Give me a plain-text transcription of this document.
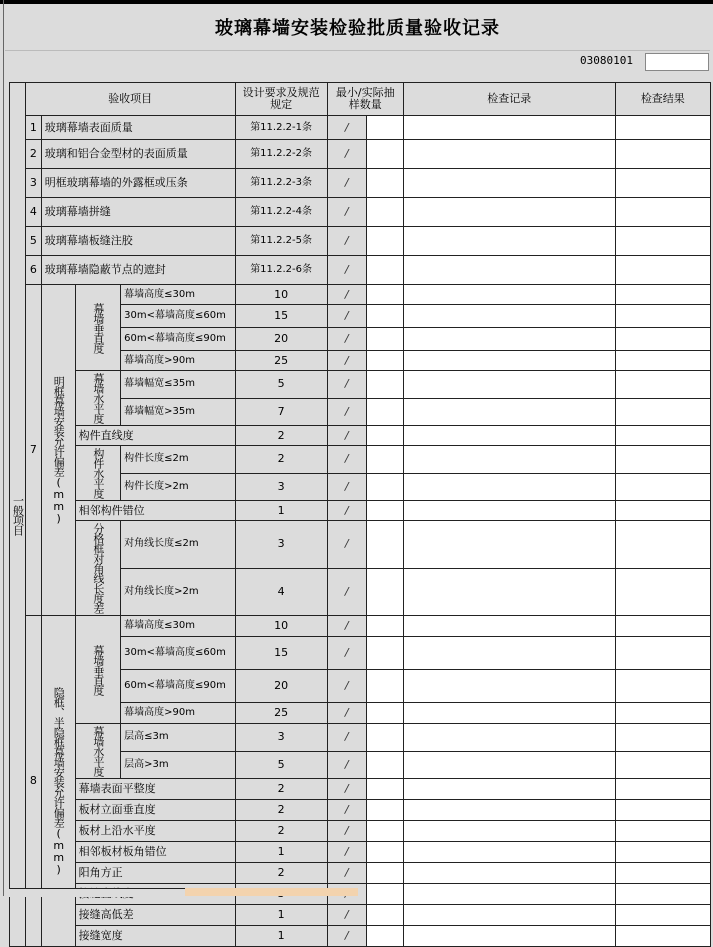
玻璃幕墙安装检验批质量验收记录
03080101
一般项目	验收项目				设计要求及规范规定	最小/实际抽样数量		检查记录	检查结果
	1	玻璃幕墙表面质量			第11.2.2-1条	/			
	2	玻璃和铝合金型材的表面质量			第11.2.2-2条	/			
	3	明框玻璃幕墙的外露框或压条			第11.2.2-3条	/			
	4	玻璃幕墙拼缝			第11.2.2-4条	/			
	5	玻璃幕墙板缝注胶			第11.2.2-5条	/			
	6	玻璃幕墙隐蔽节点的遮封			第11.2.2-6条	/			
	7	明框幕墙安装允许偏差(mm)	幕墙垂直度	幕墙高度≤30m	10	/			
				30m<幕墙高度≤60m	15	/			
				60m<幕墙高度≤90m	20	/			
				幕墙高度>90m	25	/			
			幕墙水平度	幕墙幅宽≤35m	5	/			
				幕墙幅宽>35m	7	/			
			构件直线度		2	/			
			构件水平度	构件长度≤2m	2	/			
				构件长度>2m	3	/			
			相邻构件错位		1	/			
			分格框对角线长度差	对角线长度≤2m	3	/			
				对角线长度>2m	4	/			
	8	隐框、半隐框幕墙安装允许偏差(mm)	幕墙垂直度	幕墙高度≤30m	10	/			
				30m<幕墙高度≤60m	15	/			
				60m<幕墙高度≤90m	20	/			
				幕墙高度>90m	25	/			
			幕墙水平度	层高≤3m	3	/			
				层高>3m	5	/			
			幕墙表面平整度		2	/			
			板材立面垂直度		2	/			
			板材上沿水平度		2	/			
			相邻板材板角错位		1	/			
			阳角方正		2	/			

			接缝高低差		1	/			
			接缝宽度		1	/			
